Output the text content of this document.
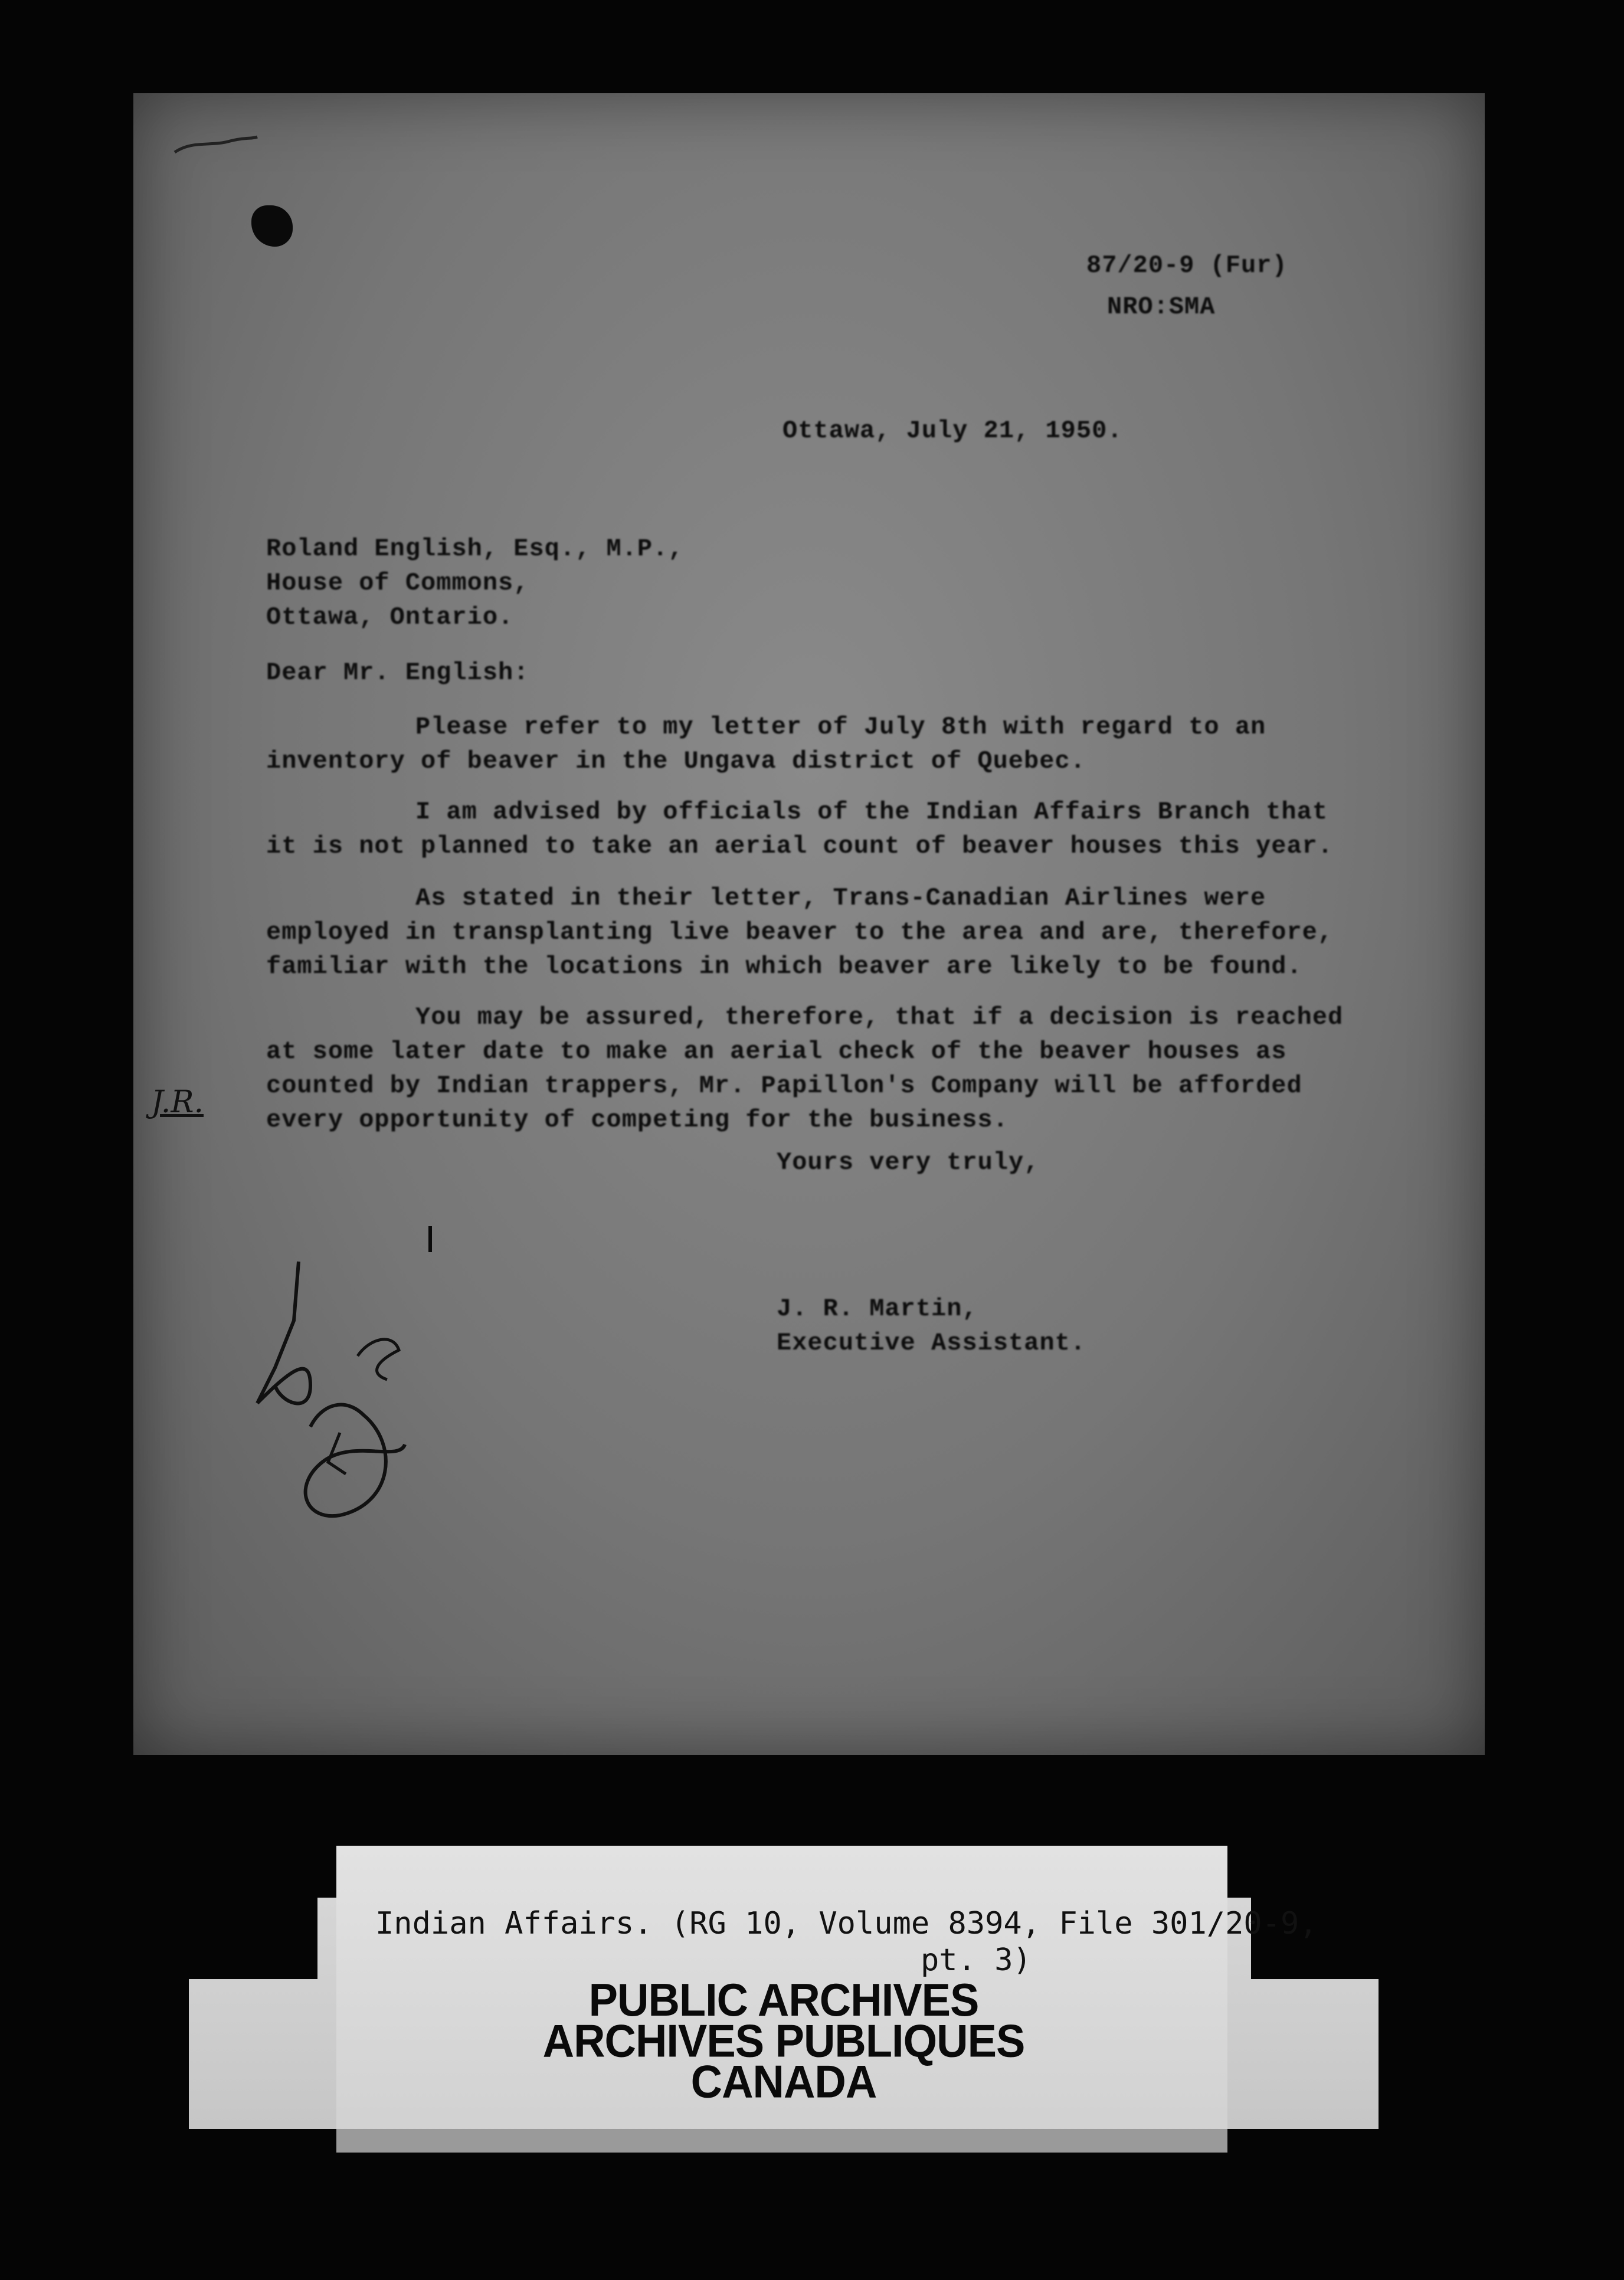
87/20-9 (Fur)
NRO:SMA
Ottawa, July 21, 1950.
Roland English, Esq., M.P.,
House of Commons,
Ottawa, Ontario.
Dear Mr. English:
Please refer to my letter of July 8th with regard to an
inventory of beaver in the Ungava district of Quebec.
I am advised by officials of the Indian Affairs Branch that
it is not planned to take an aerial count of beaver houses this year.
As stated in their letter, Trans-Canadian Airlines were
employed in transplanting live beaver to the area and are, therefore,
familiar with the locations in which beaver are likely to be found.
You may be assured, therefore, that if a decision is reached
at some later date to make an aerial check of the beaver houses as
counted by Indian trappers, Mr. Papillon's Company will be afforded
every opportunity of competing for the business.
J.R.
Yours very truly,
J. R. Martin,
Executive Assistant.
Indian Affairs. (RG 10, Volume 8394, File 301/20-9,
pt. 3)
PUBLIC ARCHIVES
ARCHIVES PUBLIQUES
CANADA
